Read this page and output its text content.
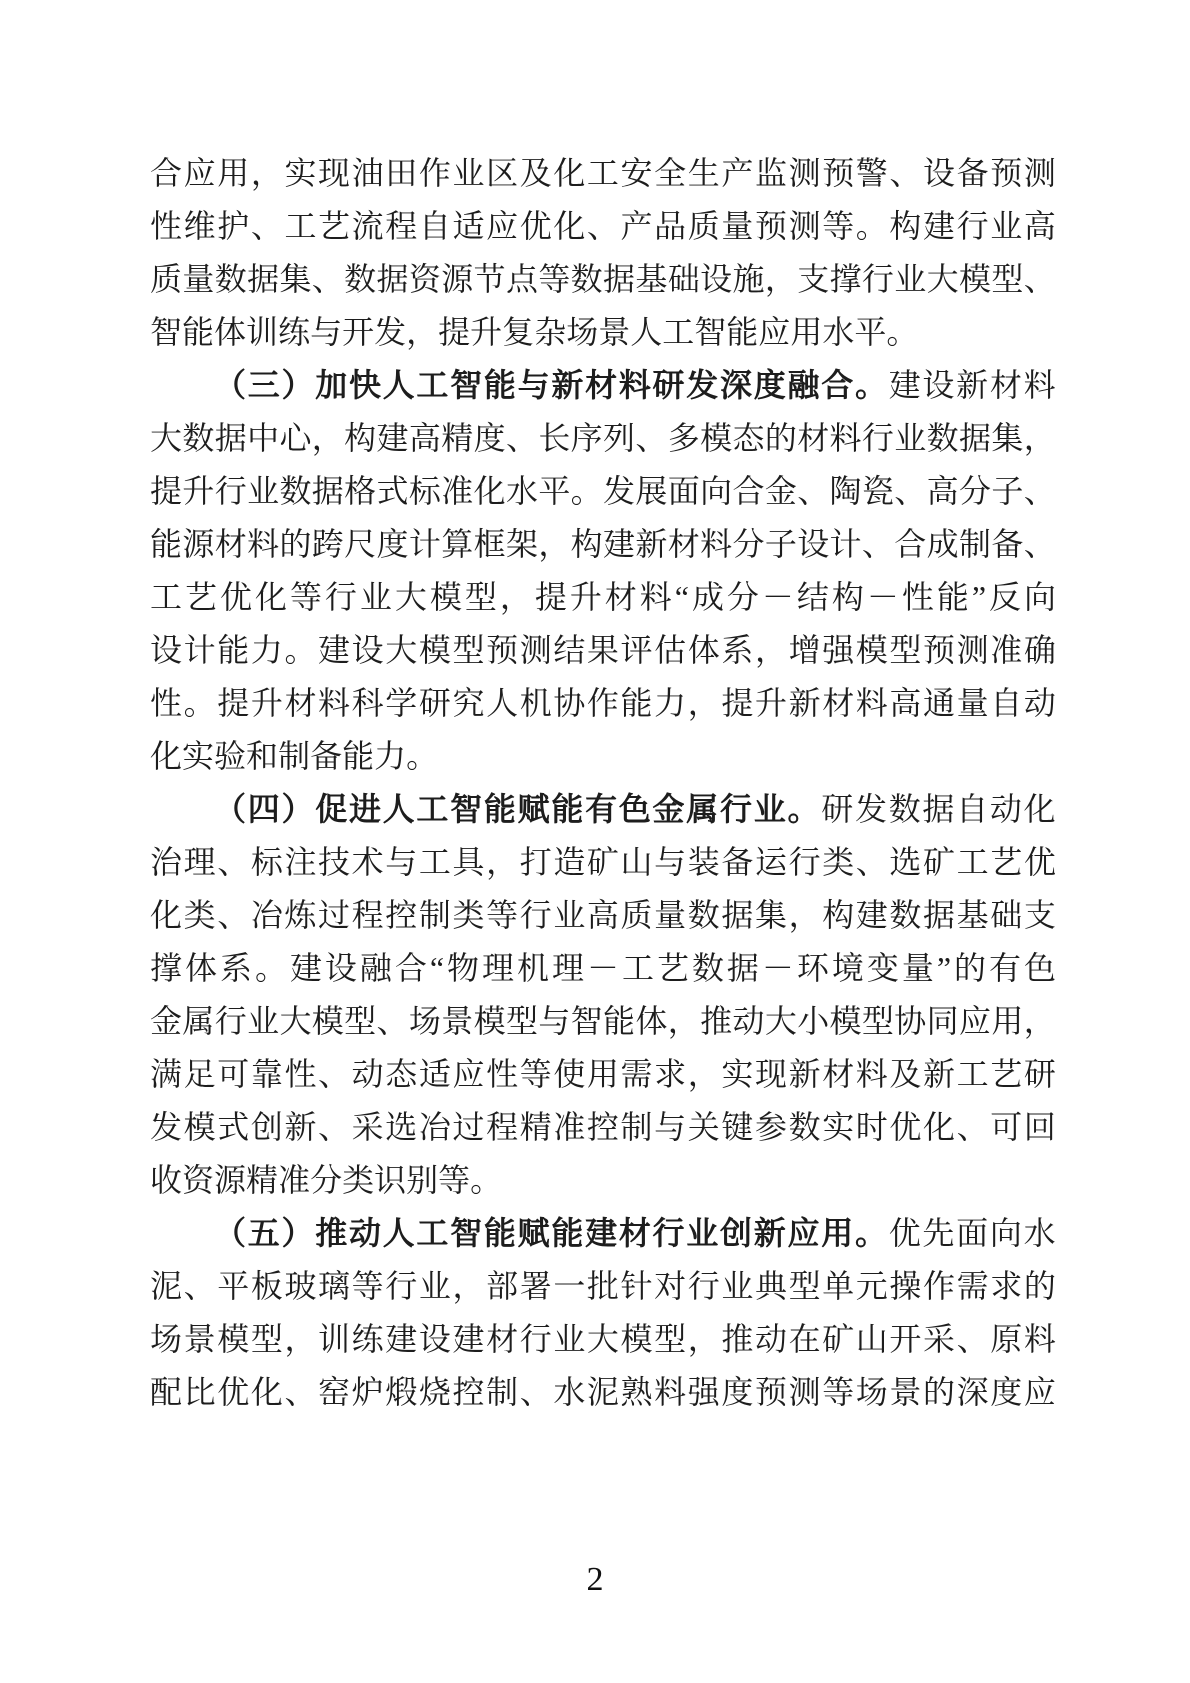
合 应 用 ， 实 现 油 田 作 业 区 及 化 工 安 全 生 产 监 测 预 警 、 设 备 预 测
性 维 护 、 工 艺 流 程 自 适 应 优 化 、 产 品 质 量 预 测 等 。 构 建 行 业 高
质 量 数 据 集 、 数 据 资 源 节 点 等 数 据 基 础 设 施 ， 支 撑 行 业 大 模 型 、
智能体训练与开发，提升复杂场景人工智能应用水平。
（ 三 ） 加 快 人 工 智 能 与 新 材 料 研 发 深 度 融 合 。 建 设 新 材 料
大 数 据 中 心 ， 构 建 高 精 度 、 长 序 列 、 多 模 态 的 材 料 行 业 数 据 集 ，
提 升 行 业 数 据 格 式 标 准 化 水 平 。 发 展 面 向 合 金 、 陶 瓷 、 高 分 子 、
能 源 材 料 的 跨 尺 度 计 算 框 架 ， 构 建 新 材 料 分 子 设 计 、 合 成 制 备 、
工 艺 优 化 等 行 业 大 模 型 ， 提 升 材 料 “ 成 分 － 结 构 － 性 能 ” 反 向
设 计 能 力 。 建 设 大 模 型 预 测 结 果 评 估 体 系 ， 增 强 模 型 预 测 准 确
性 。 提 升 材 料 科 学 研 究 人 机 协 作 能 力 ， 提 升 新 材 料 高 通 量 自 动
化实验和制备能力。
（ 四 ） 促 进 人 工 智 能 赋 能 有 色 金 属 行 业 。 研 发 数 据 自 动 化
治 理 、 标 注 技 术 与 工 具 ， 打 造 矿 山 与 装 备 运 行 类 、 选 矿 工 艺 优
化 类 、 冶 炼 过 程 控 制 类 等 行 业 高 质 量 数 据 集 ， 构 建 数 据 基 础 支
撑 体 系 。 建 设 融 合 “ 物 理 机 理 － 工 艺 数 据 － 环 境 变 量 ” 的 有 色
金 属 行 业 大 模 型 、 场 景 模 型 与 智 能 体 ， 推 动 大 小 模 型 协 同 应 用 ，
满 足 可 靠 性 、 动 态 适 应 性 等 使 用 需 求 ， 实 现 新 材 料 及 新 工 艺 研
发 模 式 创 新 、 采 选 冶 过 程 精 准 控 制 与 关 键 参 数 实 时 优 化 、 可 回
收资源精准分类识别等。
（ 五 ） 推 动 人 工 智 能 赋 能 建 材 行 业 创 新 应 用 。 优 先 面 向 水
泥 、 平 板 玻 璃 等 行 业 ， 部 署 一 批 针 对 行 业 典 型 单 元 操 作 需 求 的
场 景 模 型 ， 训 练 建 设 建 材 行 业 大 模 型 ， 推 动 在 矿 山 开 采 、 原 料
配 比 优 化 、 窑 炉 煅 烧 控 制 、 水 泥 熟 料 强 度 预 测 等 场 景 的 深 度 应
2
